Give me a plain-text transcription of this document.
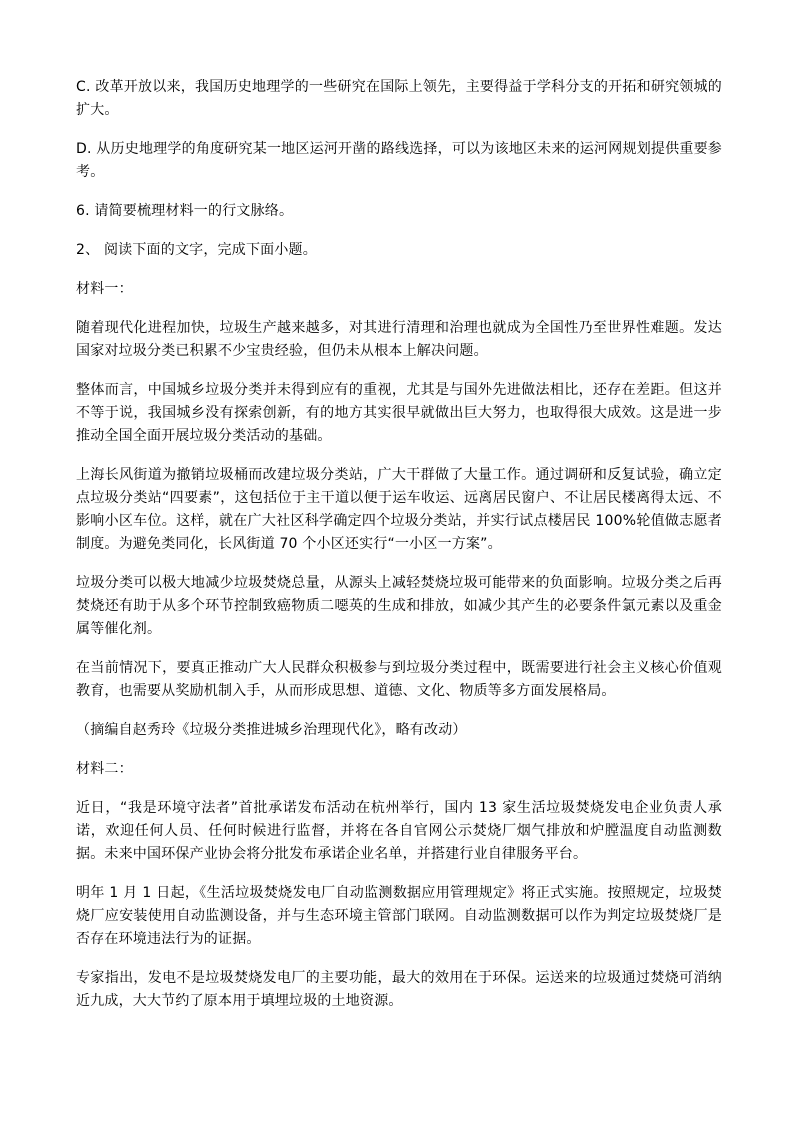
C. 改革开放以来，我国历史地理学的一些研究在国际上领先，主要得益于学科分支的开拓和研究领城的扩大。

D. 从历史地理学的角度研究某一地区运河开凿的路线选择，可以为该地区未来的运河网规划提供重要参考。

6. 请简要梳理材料一的行文脉络。

2、 阅读下面的文字，完成下面小题。

材料一：

随着现代化进程加快，垃圾生产越来越多，对其进行清理和治理也就成为全国性乃至世界性难题。发达国家对垃圾分类已积累不少宝贵经验，但仍未从根本上解决问题。

整体而言，中国城乡垃圾分类并未得到应有的重视，尤其是与国外先进做法相比，还存在差距。但这并不等于说，我国城乡没有探索创新，有的地方其实很早就做出巨大努力，也取得很大成效。这是进一步推动全国全面开展垃圾分类活动的基础。

上海长风街道为撤销垃圾桶而改建垃圾分类站，广大干群做了大量工作。通过调研和反复试验，确立定点垃圾分类站“四要素”，这包括位于主干道以便于运车收运、远离居民窗户、不让居民楼离得太远、不影响小区车位。这样，就在广大社区科学确定四个垃圾分类站，并实行试点楼居民 100%轮值做志愿者制度。为避免类同化，长风街道 70 个小区还实行“一小区一方案”。

垃圾分类可以极大地减少垃圾焚烧总量，从源头上减轻焚烧垃圾可能带来的负面影响。垃圾分类之后再焚烧还有助于从多个环节控制致癌物质二噁英的生成和排放，如减少其产生的必要条件氯元素以及重金属等催化剂。

在当前情况下，要真正推动广大人民群众积极参与到垃圾分类过程中，既需要进行社会主义核心价值观教育，也需要从奖励机制入手，从而形成思想、道德、文化、物质等多方面发展格局。

（摘编自赵秀玲《垃圾分类推进城乡治理现代化》，略有改动）

材料二：

近日，“我是环境守法者”首批承诺发布活动在杭州举行，国内 13 家生活垃圾焚烧发电企业负责人承诺，欢迎任何人员、任何时候进行监督，并将在各自官网公示焚烧厂烟气排放和炉膛温度自动监测数据。未来中国环保产业协会将分批发布承诺企业名单，并搭建行业自律服务平台。

明年 1 月 1 日起，《生活垃圾焚烧发电厂自动监测数据应用管理规定》将正式实施。按照规定，垃圾焚烧厂应安装使用自动监测设备，并与生态环境主管部门联网。自动监测数据可以作为判定垃圾焚烧厂是否存在环境违法行为的证据。

专家指出，发电不是垃圾焚烧发电厂的主要功能，最大的效用在于环保。运送来的垃圾通过焚烧可消纳近九成，大大节约了原本用于填埋垃圾的土地资源。
